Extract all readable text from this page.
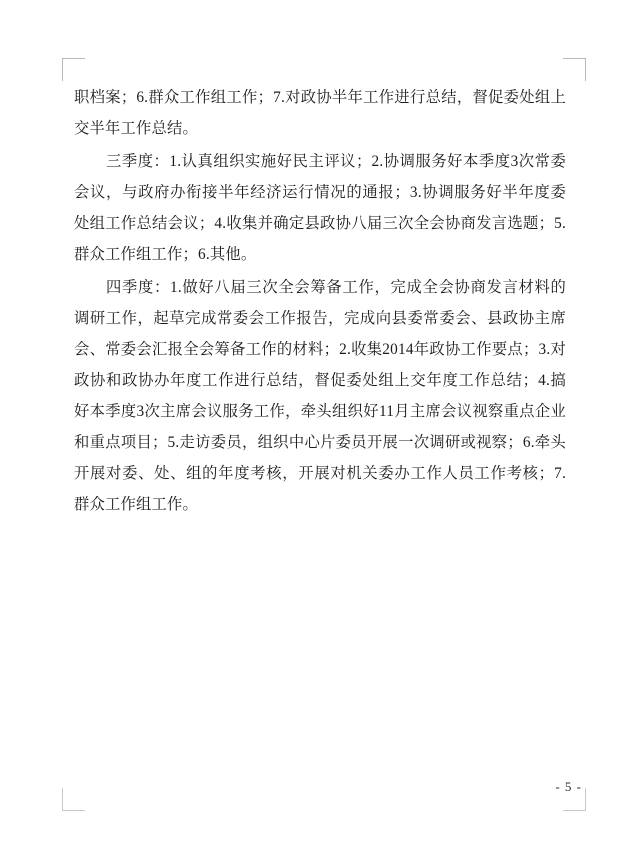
职档案；6.群众工作组工作；7.对政协半年工作进行总结，督促委处组上交半年工作总结。

三季度：1.认真组织实施好民主评议；2.协调服务好本季度3次常委会议，与政府办衔接半年经济运行情况的通报；3.协调服务好半年度委处组工作总结会议；4.收集并确定县政协八届三次全会协商发言选题；5.群众工作组工作；6.其他。

四季度：1.做好八届三次全会筹备工作，完成全会协商发言材料的调研工作，起草完成常委会工作报告，完成向县委常委会、县政协主席会、常委会汇报全会筹备工作的材料；2.收集2014年政协工作要点；3.对政协和政协办年度工作进行总结，督促委处组上交年度工作总结；4.搞好本季度3次主席会议服务工作，牵头组织好11月主席会议视察重点企业和重点项目；5.走访委员，组织中心片委员开展一次调研或视察；6.牵头开展对委、处、组的年度考核，开展对机关委办工作人员工作考核；7.群众工作组工作。

- 5 -
